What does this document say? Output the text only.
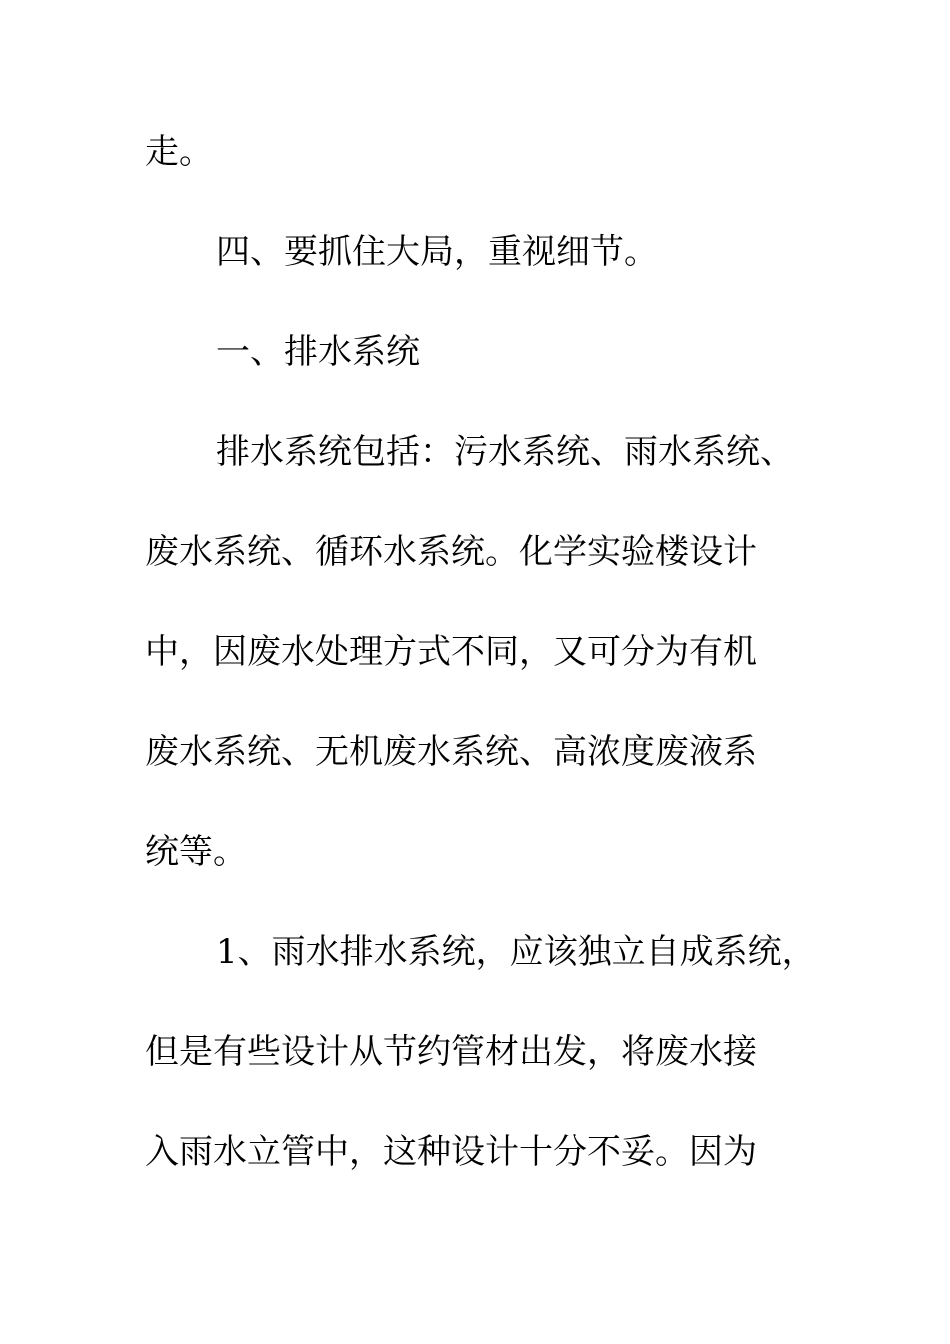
走。

四、要抓住大局，重视细节。

一、排水系统

排水系统包括：污水系统、雨水系统、

废水系统、循环水系统。化学实验楼设计

中，因废水处理方式不同，又可分为有机

废水系统、无机废水系统、高浓度废液系

统等。

1、雨水排水系统，应该独立自成系统，

但是有些设计从节约管材出发，将废水接

入雨水立管中，这种设计十分不妥。因为
